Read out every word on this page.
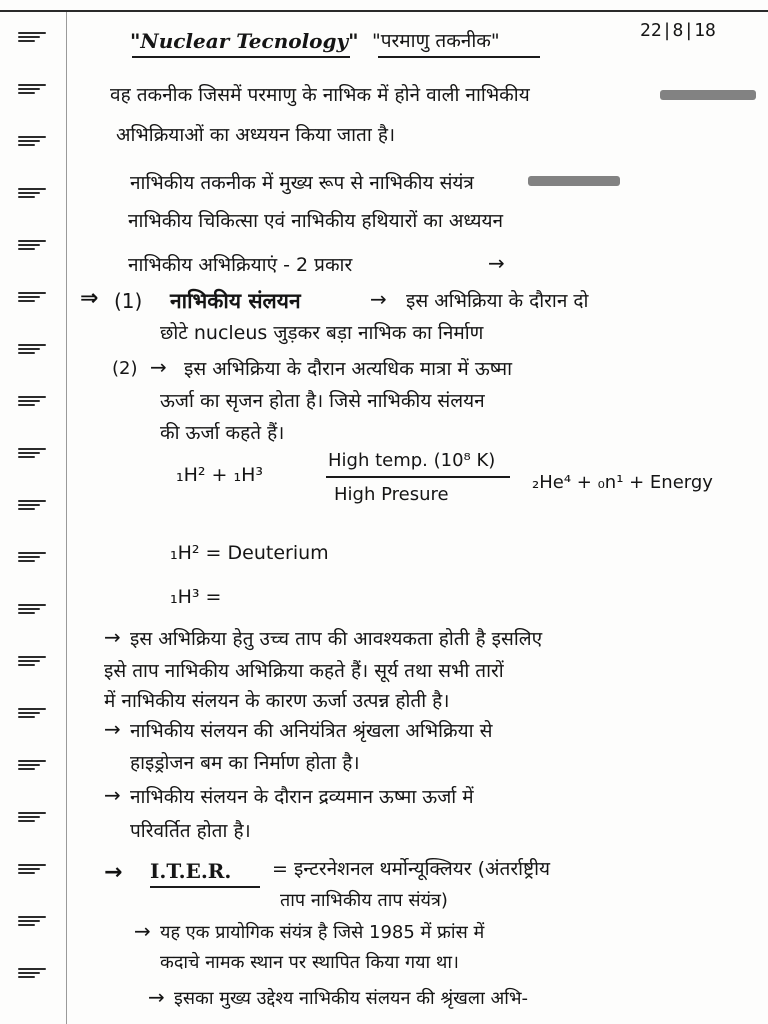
"Nuclear Tecnology" "परमाणु तकनीक"	22|8|18
वह तकनीक जिसमें परमाणु के नाभिक में होने वाली नाभिकीय
अभिक्रियाओं का अध्ययन किया जाता है।
नाभिकीय तकनीक में मुख्य रूप से नाभिकीय संयंत्र
नाभिकीय चिकित्सा एवं नाभिकीय हथियारों का अध्ययन
नाभिकीय अभिक्रियाएं - 2 प्रकार	→
⇒ (1) नाभिकीय संलयन	→ इस अभिक्रिया के दौरान दो
छोटे nucleus जुड़कर बड़ा नाभिक का निर्माण
(2) → इस अभिक्रिया के दौरान अत्यधिक मात्रा में ऊष्मा
ऊर्जा का सृजन होता है। जिसे नाभिकीय संलयन
की ऊर्जा कहते हैं।
₁H² + ₁H³
High temp. (10⁸ K)
High Presure
₂He⁴ + ₀n¹ + Energy
₁H² = Deuterium
₁H³ =
→ इस अभिक्रिया हेतु उच्च ताप की आवश्यकता होती है इसलिए
इसे ताप नाभिकीय अभिक्रिया कहते हैं। सूर्य तथा सभी तारों
में नाभिकीय संलयन के कारण ऊर्जा उत्पन्न होती है।
→ नाभिकीय संलयन की अनियंत्रित श्रृंखला अभिक्रिया से
हाइड्रोजन बम का निर्माण होता है।
→ नाभिकीय संलयन के दौरान द्रव्यमान ऊष्मा ऊर्जा में
परिवर्तित होता है।
→ I.T.E.R. = इन्टरनेशनल थर्मोन्यूक्लियर (अंतर्राष्ट्रीय
ताप नाभिकीय ताप संयंत्र)
→ यह एक प्रायोगिक संयंत्र है जिसे 1985 में फ्रांस में
कदाचे नामक स्थान पर स्थापित किया गया था।
→ इसका मुख्य उद्देश्य नाभिकीय संलयन की श्रृंखला अभि-
